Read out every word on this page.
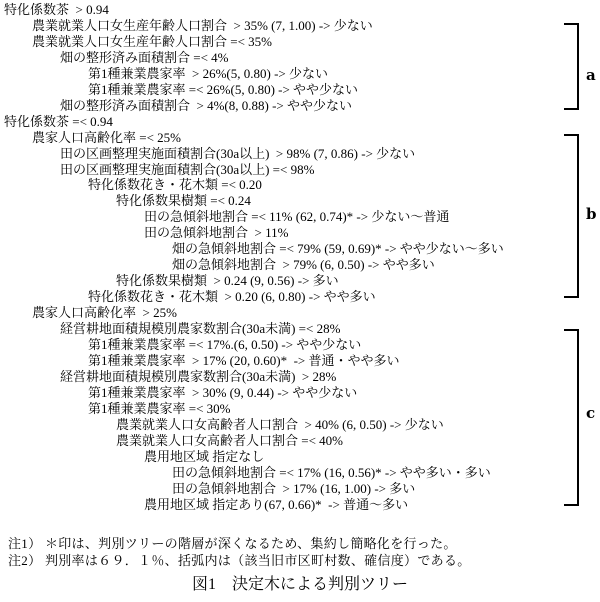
特化係数茶  > 0.94
農業就業人口女生産年齢人口割合  > 35% (7, 1.00) -> 少ない
農業就業人口女生産年齢人口割合 =< 35%
畑の整形済み面積割合 =< 4%
第1種兼業農家率  > 26%(5, 0.80) -> 少ない
第1種兼業農家率 =< 26%(5, 0.80) -> やや少ない
畑の整形済み面積割合  > 4%(8, 0.88) -> やや少ない
特化係数茶 =< 0.94
農家人口高齢化率 =< 25%
田の区画整理実施面積割合(30a以上)  > 98% (7, 0.86) -> 少ない
田の区画整理実施面積割合(30a以上) =< 98%
特化係数花き・花木類 =< 0.20
特化係数果樹類 =< 0.24
田の急傾斜地割合 =< 11% (62, 0.74)* -> 少ない～普通
田の急傾斜地割合  > 11%
畑の急傾斜地割合 =< 79% (59, 0.69)* -> やや少ない～多い
畑の急傾斜地割合  > 79% (6, 0.50) -> やや多い
特化係数果樹類  > 0.24 (9, 0.56) -> 多い
特化係数花き・花木類  > 0.20 (6, 0.80) -> やや多い
農家人口高齢化率  > 25%
経営耕地面積規模別農家数割合(30a未満) =< 28%
第1種兼業農家率 =< 17%.(6, 0.50) -> やや少ない
第1種兼業農家率  > 17% (20, 0.60)*  -> 普通・やや多い
経営耕地面積規模別農家数割合(30a未満)  > 28%
第1種兼業農家率  > 30% (9, 0.44) -> やや少ない
第1種兼業農家率 =< 30%
農業就業人口女高齢者人口割合  > 40% (6, 0.50) -> 少ない
農業就業人口女高齢者人口割合 =< 40%
農用地区域 指定なし
田の急傾斜地割合 =< 17% (16, 0.56)* -> やや多い・多い
田の急傾斜地割合  > 17% (16, 1.00) -> 多い
農用地区域 指定あり(67, 0.66)*  -> 普通～多い
a
b
c
注1） ＊印は、判別ツリーの階層が深くなるため、集約し簡略化を行った。
注2） 判別率は６９．１％、括弧内は（該当旧市区町村数、確信度）である。
図1　決定木による判別ツリー
